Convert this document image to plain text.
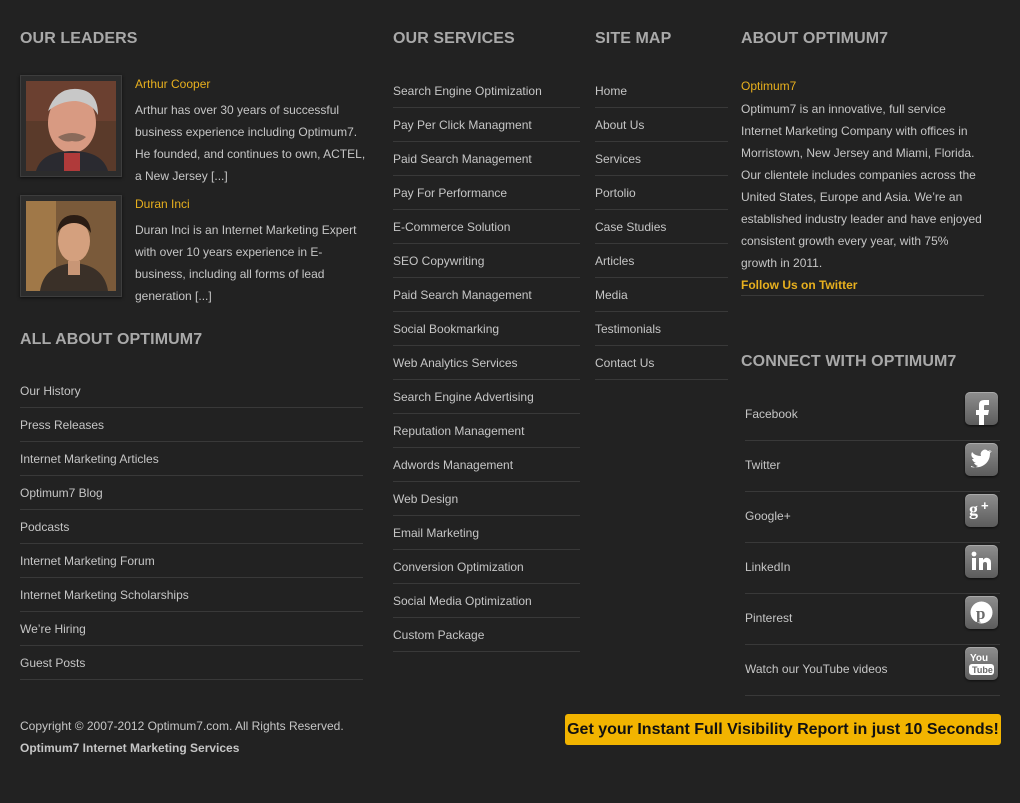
OUR LEADERS
Arthur Cooper
Arthur has over 30 years of successful business experience including Optimum7. He founded, and continues to own, ACTEL, a New Jersey [...]
Duran Inci
Duran Inci is an Internet Marketing Expert with over 10 years experience in E-business, including all forms of lead generation [...]
ALL ABOUT OPTIMUM7
Our History
Press Releases
Internet Marketing Articles
Optimum7 Blog
Podcasts
Internet Marketing Forum
Internet Marketing Scholarships
We’re Hiring
Guest Posts
OUR SERVICES
Search Engine Optimization
Pay Per Click Managment
Paid Search Management
Pay For Performance
E-Commerce Solution
SEO Copywriting
Paid Search Management
Social Bookmarking
Web Analytics Services
Search Engine Advertising
Reputation Management
Adwords Management
Web Design
Email Marketing
Conversion Optimization
Social Media Optimization
Custom Package
SITE MAP
Home
About Us
Services
Portolio
Case Studies
Articles
Media
Testimonials
Contact Us
ABOUT OPTIMUM7
Optimum7
Optimum7 is an innovative, full service Internet Marketing Company with offices in Morristown, New Jersey and Miami, Florida. Our clientele includes companies across the United States, Europe and Asia. We’re an established industry leader and have enjoyed consistent growth every year, with 75% growth in 2011.
Follow Us on Twitter
CONNECT WITH OPTIMUM7
Facebook
Twitter
Google+	g +
LinkedIn
Pinterest	p
Watch our YouTube videos
You
Tube
Copyright © 2007-2012 Optimum7.com. All Rights Reserved.
Optimum7 Internet Marketing Services
Get your Instant Full Visibility Report in just 10 Seconds!
